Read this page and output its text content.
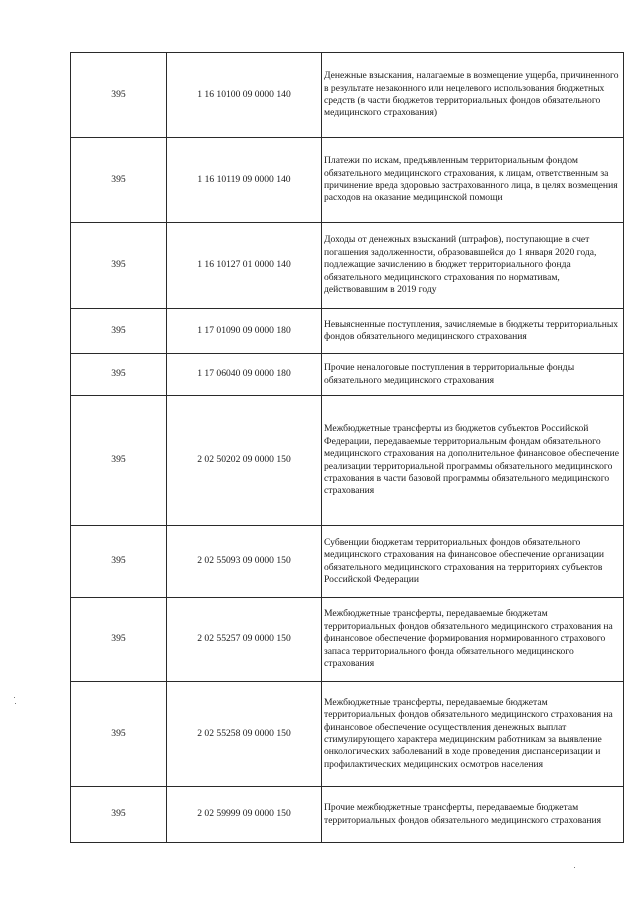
395	1 16 10100 09 0000 140	Денежные взыскания, налагаемые в возмещение ущерба, причиненного в результате незаконного или нецелевого использования бюджетных средств (в части бюджетов территориальных фондов обязательного медицинского страхования)
395	1 16 10119 09 0000 140	Платежи по искам, предъявленным территориальным фондом обязательного медицинского страхования, к лицам, ответственным за причинение вреда здоровью застрахованного лица, в целях возмещения расходов на оказание медицинской помощи
395	1 16 10127 01 0000 140	Доходы от денежных взысканий (штрафов), поступающие в счет погашения задолженности, образовавшейся до 1 января 2020 года, подлежащие зачислению в бюджет территориального фонда обязательного медицинского страхования по нормативам, действовавшим в 2019 году
395	1 17 01090 09 0000 180	Невыясненные поступления, зачисляемые в бюджеты территориальных фондов обязательного медицинского страхования
395	1 17 06040 09 0000 180	Прочие неналоговые поступления в территориальные фонды обязательного медицинского страхования
395	2 02 50202 09 0000 150	Межбюджетные трансферты из бюджетов субъектов Российской Федерации, передаваемые территориальным фондам обязательного медицинского страхования на дополнительное финансовое обеспечение реализации территориальной программы обязательного медицинского страхования в части базовой программы обязательного медицинского страхования
395	2 02 55093 09 0000 150	Субвенции бюджетам территориальных фондов обязательного медицинского страхования на финансовое обеспечение организации обязательного медицинского страхования на территориях субъектов Российской Федерации
395	2 02 55257 09 0000 150	Межбюджетные трансферты, передаваемые бюджетам территориальных фондов обязательного медицинского страхования на финансовое обеспечение формирования нормированного страхового запаса территориального фонда обязательного медицинского страхования
395	2 02 55258 09 0000 150	Межбюджетные трансферты, передаваемые бюджетам территориальных фондов обязательного медицинского страхования на финансовое обеспечение осуществления денежных выплат стимулирующего характера медицинским работникам за выявление онкологических заболеваний в ходе проведения диспансеризации и профилактических медицинских осмотров населения
395	2 02 59999 09 0000 150	Прочие межбюджетные трансферты, передаваемые бюджетам территориальных фондов обязательного медицинского страхования
